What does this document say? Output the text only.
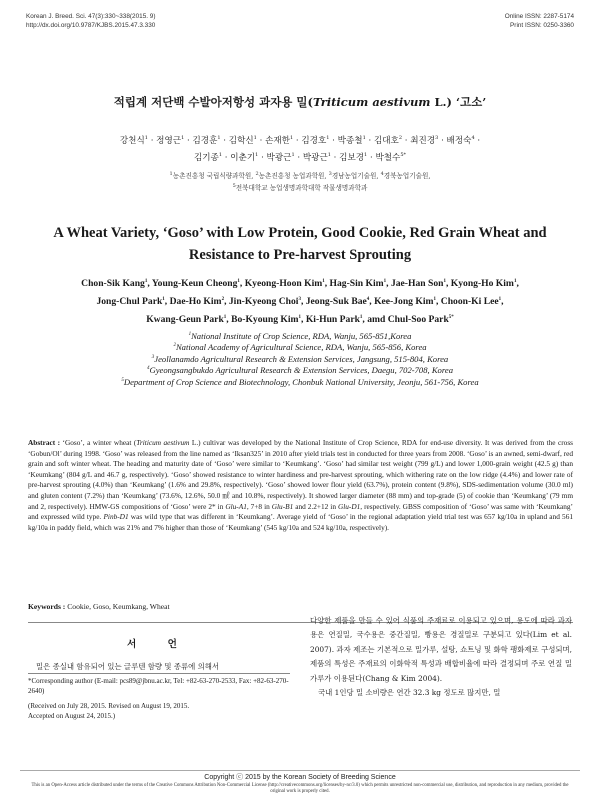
Korean J. Breed. Sci. 47(3):330~338(2015. 9)
http://dx.doi.org/10.9787/KJBS.2015.47.3.330
Online ISSN: 2287-5174
Print ISSN: 0250-3360
적립계 저단백 수발아저항성 과자용 밀(Triticum aestivum L.) ‘고소’
강천식$^1$ · 정영근$^1$ · 김경훈$^1$ · 김학신$^1$ · 손재한$^1$ · 김경호$^1$ · 박종철$^1$ · 김대호$^2$ · 최진경$^3$ · 배정숙$^4$ ·
김기종$^1$ · 이춘기$^1$ · 박광근$^1$ · 박광근$^1$ · 김보경$^1$ · 박철수$^{5*}$
$^1$농촌진흥청 국립식량과학원, $^2$농촌진흥청 농업과학원, $^3$경남농업기술원, $^4$경북농업기술원,
$^5$전북대학교 농업생명과학대학 작물생명과학과
A Wheat Variety, ‘Goso’ with Low Protein, Good Cookie, Red Grain Wheat and Resistance to Pre-harvest Sprouting
Chon-Sik Kang$^1$, Young-Keun Cheong$^1$, Kyeong-Hoon Kim$^1$, Hag-Sin Kim$^1$, Jae-Han Son$^1$, Kyong-Ho Kim$^1$,
Jong-Chul Park$^1$, Dae-Ho Kim$^2$, Jin-Kyeong Choi$^3$, Jeong-Suk Bae$^4$, Kee-Jong Kim$^1$, Choon-Ki Lee$^1$,
Kwang-Geun Park$^1$, Bo-Kyoung Kim$^1$, Ki-Hun Park$^1$, amd Chul-Soo Park$^{5*}$
$^1$National Institute of Crop Science, RDA, Wanju, 565-851,Korea
$^2$National Academy of Agricultural Science, RDA, Wanju, 565-856, Korea
$^3$Jeollanamdo Agricultural Research & Extension Services, Jangsung, 515-804, Korea
$^4$Gyeongsangbukdo Agricultural Research & Extension Services, Daegu, 702-708, Korea
$^5$Department of Crop Science and Biotechnology, Chonbuk National University, Jeonju, 561-756, Korea
Abstract : ‘Goso’, a winter wheat (Triticum aestivum L.) cultivar was developed by the National Institute of Crop Science, RDA for end-use diversity. It was derived from the cross ‘Gobun/Ol’ during 1998. ‘Goso’ was released from the line named as ‘Iksan325’ in 2010 after yield trials test in conducted for three years from 2008. ‘Goso’ is an awned, semi-dwarf, red grain and soft winter wheat. The heading and maturity date of ‘Goso’ were similar to ‘Keumkang’. ‘Goso’ had similar test weight (799 g/L) and lower 1,000-grain weight (42.5 g) than ‘Keumkang’ (804 g/L and 46.7 g, respectively). ‘Goso’ showed resistance to winter hardiness and pre-harvest sprouting, which withering rate on the low ridge (4.4%) and lower rate of pre-harvest sprouting (4.0%) than ‘Keumkang’ (1.6% and 29.8%, respectively). ‘Goso’ showed lower flour yield (63.7%), protein content (9.8%), SDS-sedimentation volume (30.0 ml) and gluten content (7.2%) than ‘Keumkang’ (73.6%, 12.6%, 50.0 ㎖ and 10.8%, respectively). It showed larger diameter (88 mm) and top-grade (5) of cookie than ‘Keumkang’ (79 mm and 2, respectively). HMW-GS compositions of ‘Goso’ were 2* in Glu-A1, 7+8 in Glu-B1 and 2.2+12 in Glu-D1, respectively. GBSS composition of ‘Goso’ was same with ‘Keumkang’ and expressed wild type. Pinb-D1 was wild type that was different in ‘Keumkang’. Average yield of ‘Goso’ in the regional adaptation yield trial test was 657 kg/10a in upland and 561 kg/10a in paddy field, which was 21% and 7% higher than those of ‘Keumkang’ (545 kg/10a and 524 kg/10a, respectively).
Keywords : Cookie, Goso, Keumkang, Wheat
서 언
밀은 종실내 함유되어 있는 글루텐 함량 및 종류에 의해서
*Corresponding author (E-mail: pcs89@jbnu.ac.kr, Tel: +82-63-270-2533, Fax: +82-63-270-2640)
(Received on July 28, 2015. Revised on August 19, 2015.
Accepted on August 24, 2015.)
다양한 제품을 만들 수 있어 식품의 주재료로 이용되고 있으며, 용도에 따라 과자용은 연질밀, 국수용은 중간질밀, 빵용은 경질밀로 구분되고 있다(Lim et al. 2007). 과자 제조는 기본적으로 밀가루, 설탕, 쇼트닝 및 화학 팽화제로 구성되며, 제품의 특성은 주재료의 이화학적 특성과 배합비율에 따라 결정되며 주로 연질 밀가루가 이용된다(Chang & Kim 2004).
국내 1인당 밀 소비량은 연간 32.3 kg 정도로 많지만, 밀
Copyright ⓒ 2015 by the Korean Society of Breeding Science
This is an Open-Access article distributed under the terms of the Creative Commons Attribution Non-Commercial License (http://creativecommons.org/licenses/by-nc/3.0) which permits unrestricted non-commercial use, distribution, and reproduction in any medium, provided the original work is properly cited.
